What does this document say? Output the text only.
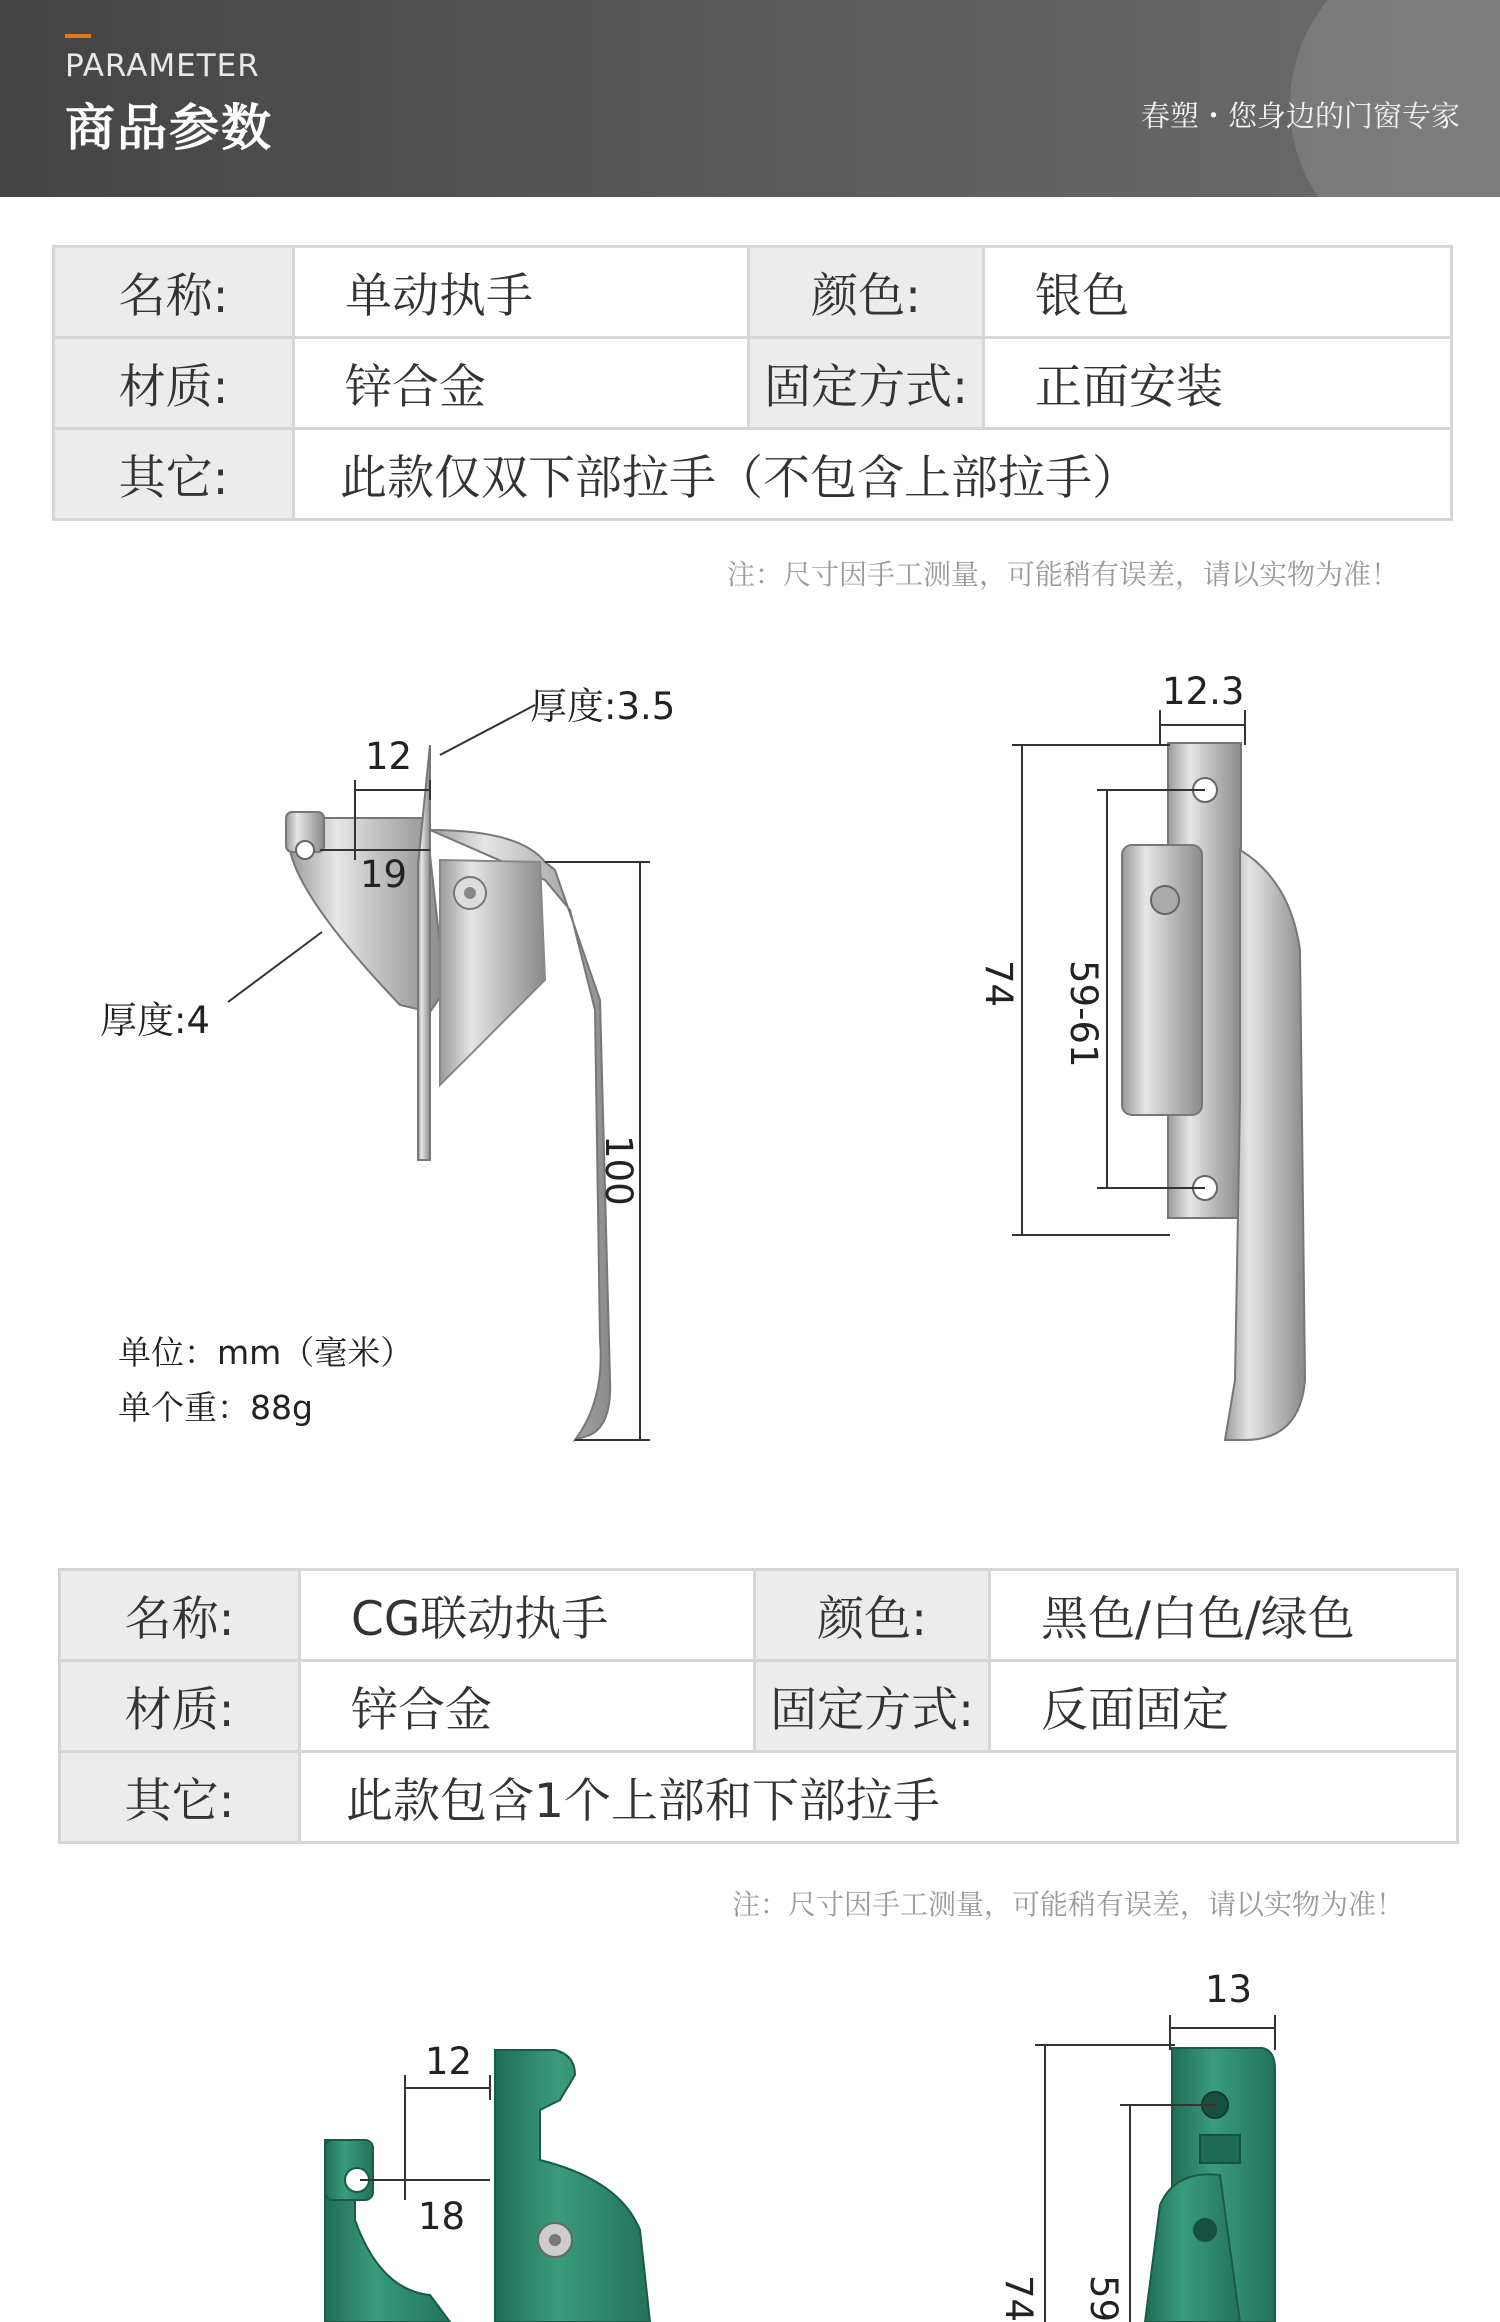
PARAMETER
商品参数	春塑・您身边的门窗专家
名称:	单动执手	颜色:	银色
材质:	锌合金	固定方式:	正面安装
其它:	此款仅双下部拉手（不包含上部拉手）		
注：尺寸因手工测量，可能稍有误差，请以实物为准！
厚度:3.5
12
19
厚度:4
100
12.3
74 59-61
单位：mm（毫米）
单个重：88g
名称:	CG联动执手	颜色:	黑色/白色/绿色
材质:	锌合金	固定方式:	反面固定
其它:	此款包含1个上部和下部拉手		
注：尺寸因手工测量，可能稍有误差，请以实物为准！
12
18
13
74 59
